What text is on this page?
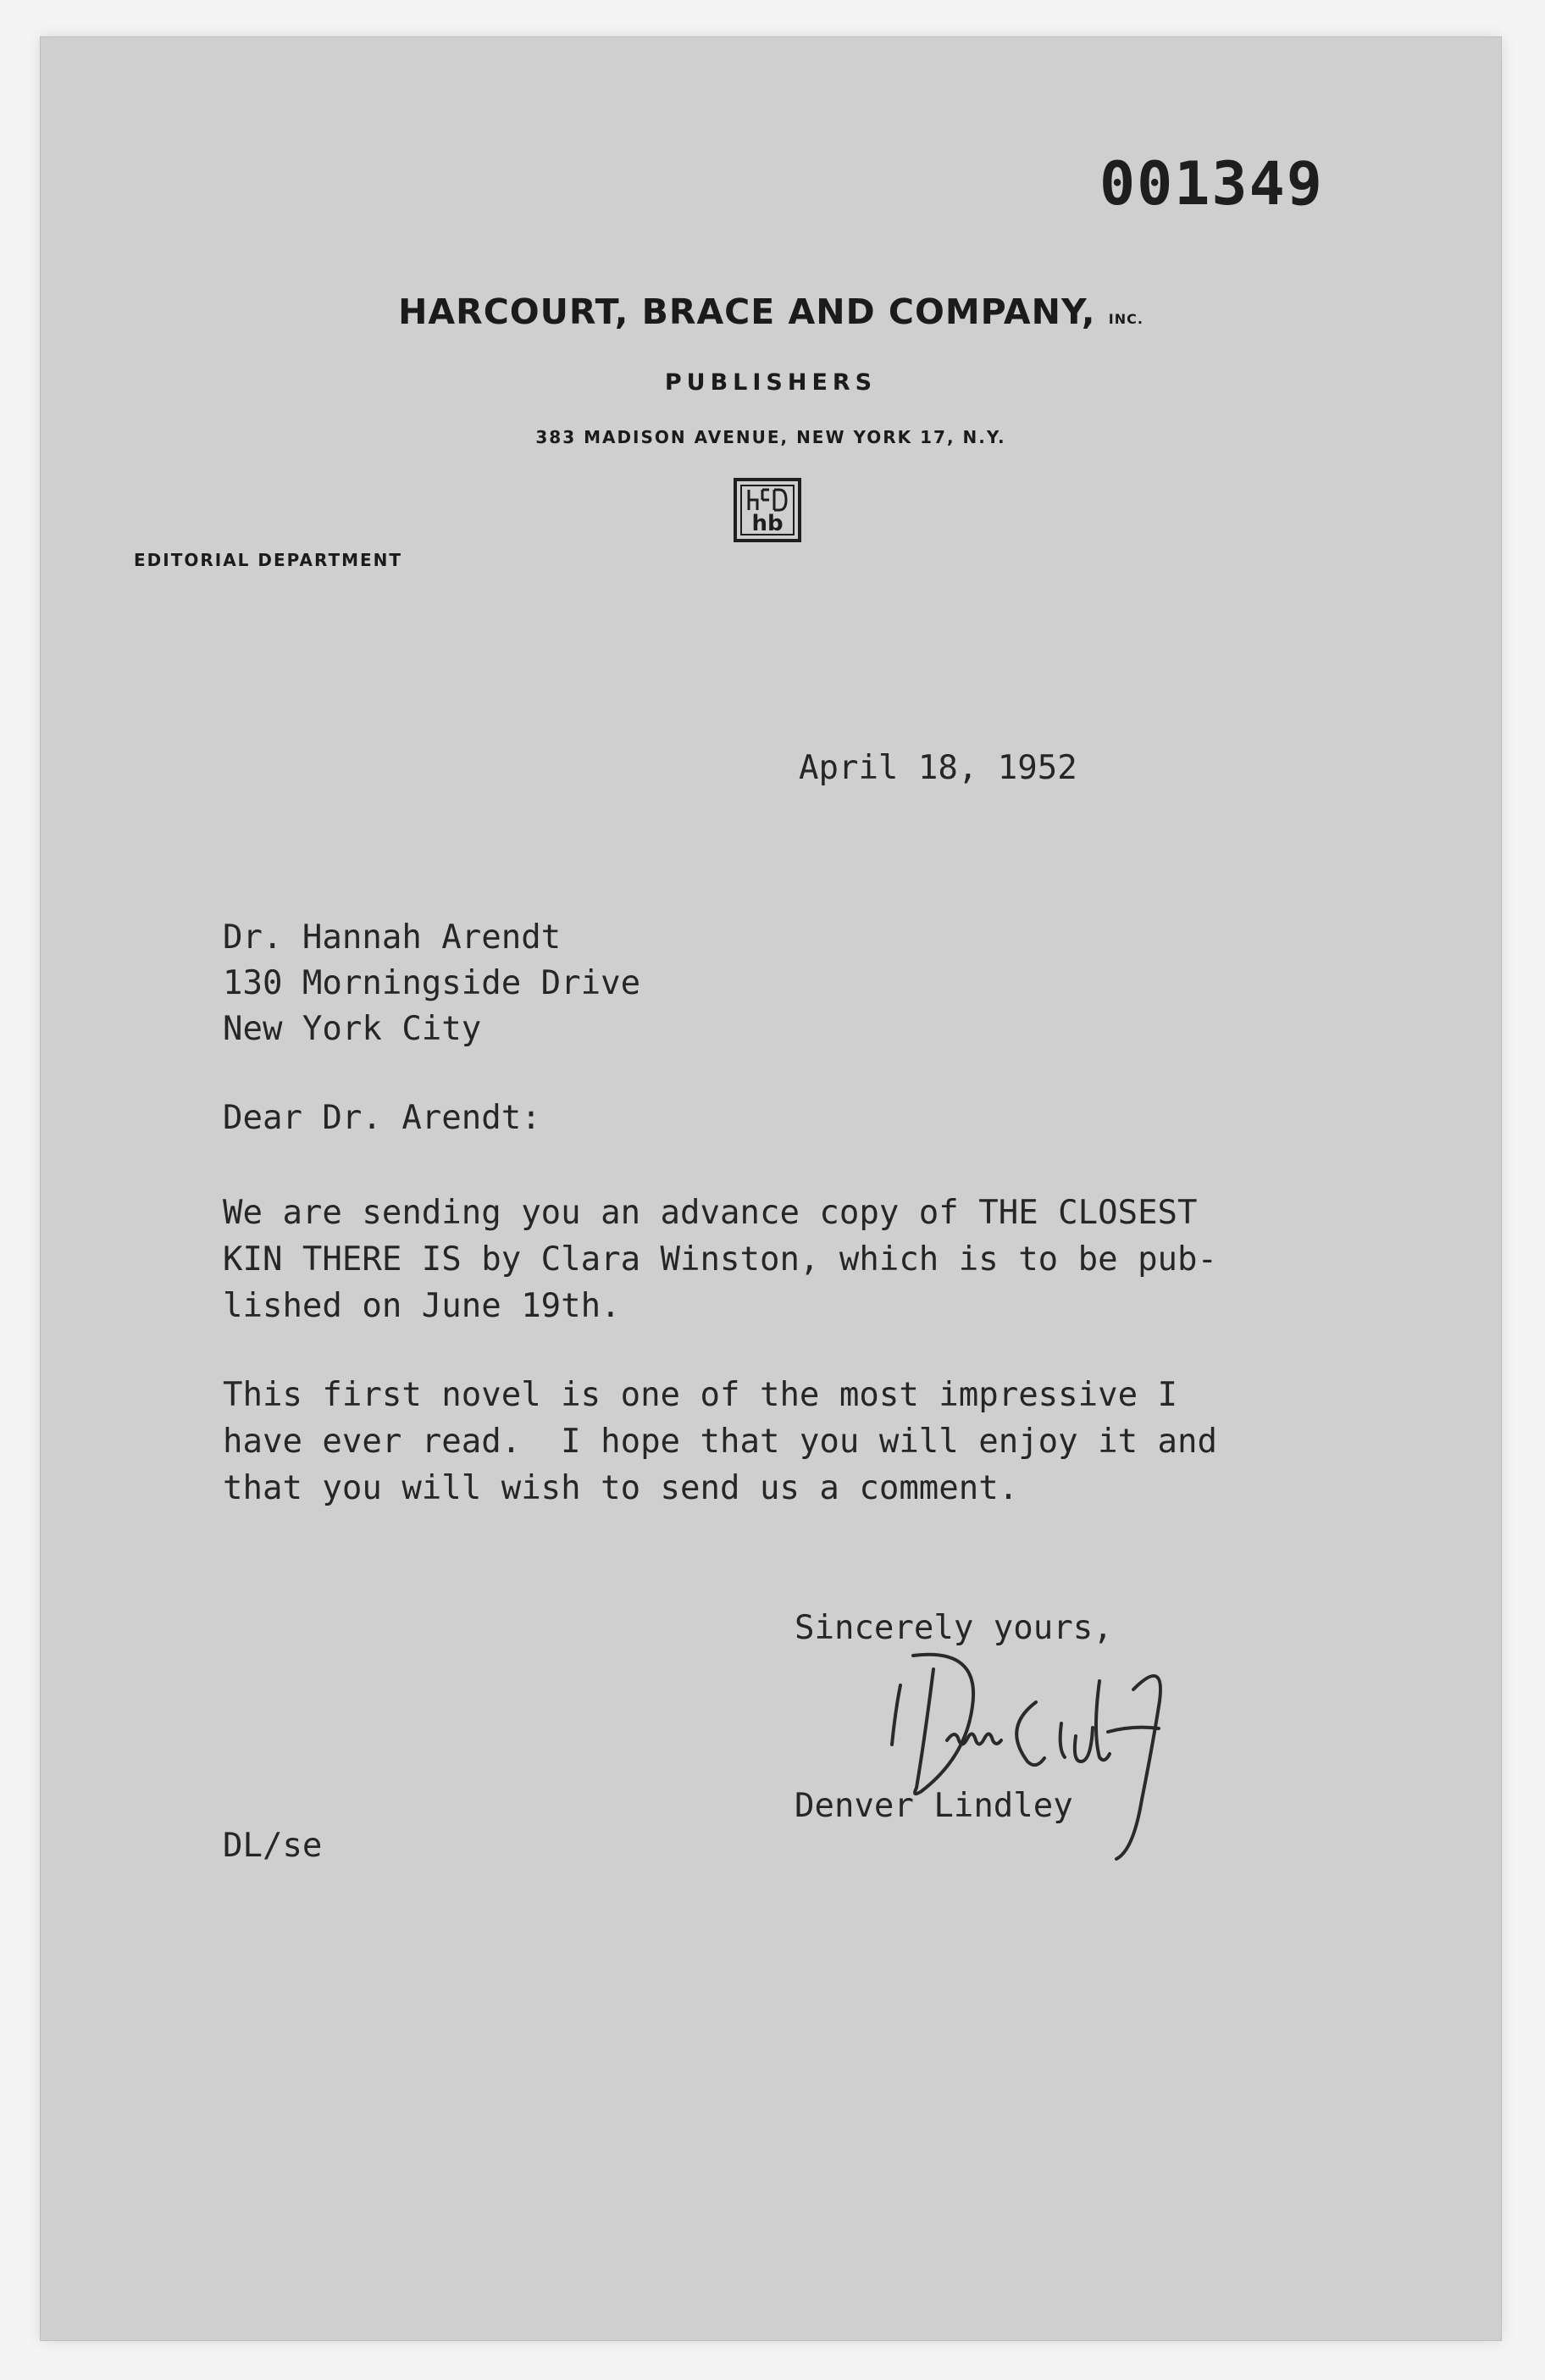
001349
HARCOURT, BRACE AND COMPANY, INC.
PUBLISHERS
383 MADISON AVENUE, NEW YORK 17, N.Y.
hb
EDITORIAL DEPARTMENT
April 18, 1952
Dr. Hannah Arendt
130 Morningside Drive
New York City
Dear Dr. Arendt:
We are sending you an advance copy of THE CLOSEST
KIN THERE IS by Clara Winston, which is to be pub-
lished on June 19th.
This first novel is one of the most impressive I
have ever read.  I hope that you will enjoy it and
that you will wish to send us a comment.
Sincerely yours,
Denver Lindley
DL/se
